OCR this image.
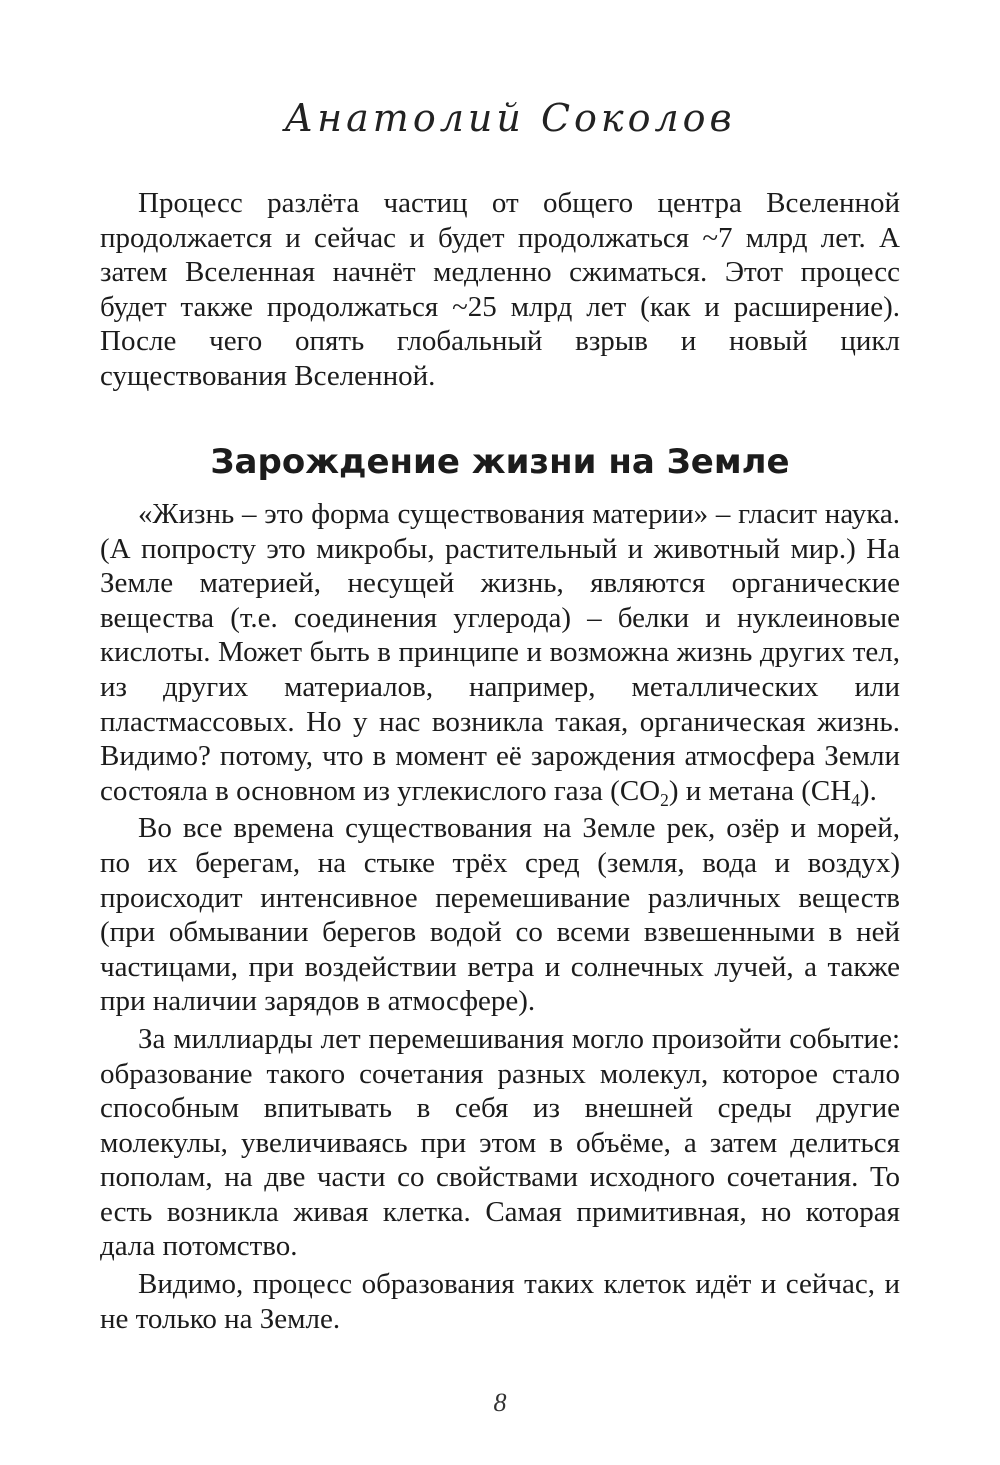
Анатолий Соколов

Процесс разлёта частиц от общего центра Вселенной продолжается и сейчас и будет продолжаться ~7 млрд лет. А затем Вселенная начнёт медленно сжиматься. Этот процесс будет также продолжаться ~25 млрд лет (как и расширение). После чего опять глобальный взрыв и новый цикл существования Вселенной.

Зарождение жизни на Земле

«Жизнь – это форма существования материи» – гласит наука. (А попросту это микробы, растительный и животный мир.) На Земле материей, несущей жизнь, являются органические вещества (т.е. соединения углерода) – белки и нуклеиновые кислоты. Может быть в принципе и возможна жизнь других тел, из других материалов, например, металлических или пластмассовых. Но у нас возникла такая, органическая жизнь. Видимо? потому, что в момент её зарождения атмосфера Земли состояла в основном из углекислого газа $(CO_2)$ и метана $(CH_4)$.

Во все времена существования на Земле рек, озёр и морей, по их берегам, на стыке трёх сред (земля, вода и воздух) происходит интенсивное перемешивание различных веществ (при обмывании берегов водой со всеми взвешенными в ней частицами, при воздействии ветра и солнечных лучей, а также при наличии зарядов в атмосфере).

За миллиарды лет перемешивания могло произойти событие: образование такого сочетания разных молекул, которое стало способным впитывать в себя из внешней среды другие молекулы, увеличиваясь при этом в объёме, а затем делиться пополам, на две части со свойствами исходного сочетания. То есть возникла живая клетка. Самая примитивная, но которая дала потомство.

Видимо, процесс образования таких клеток идёт и сейчас, и не только на Земле.

8
